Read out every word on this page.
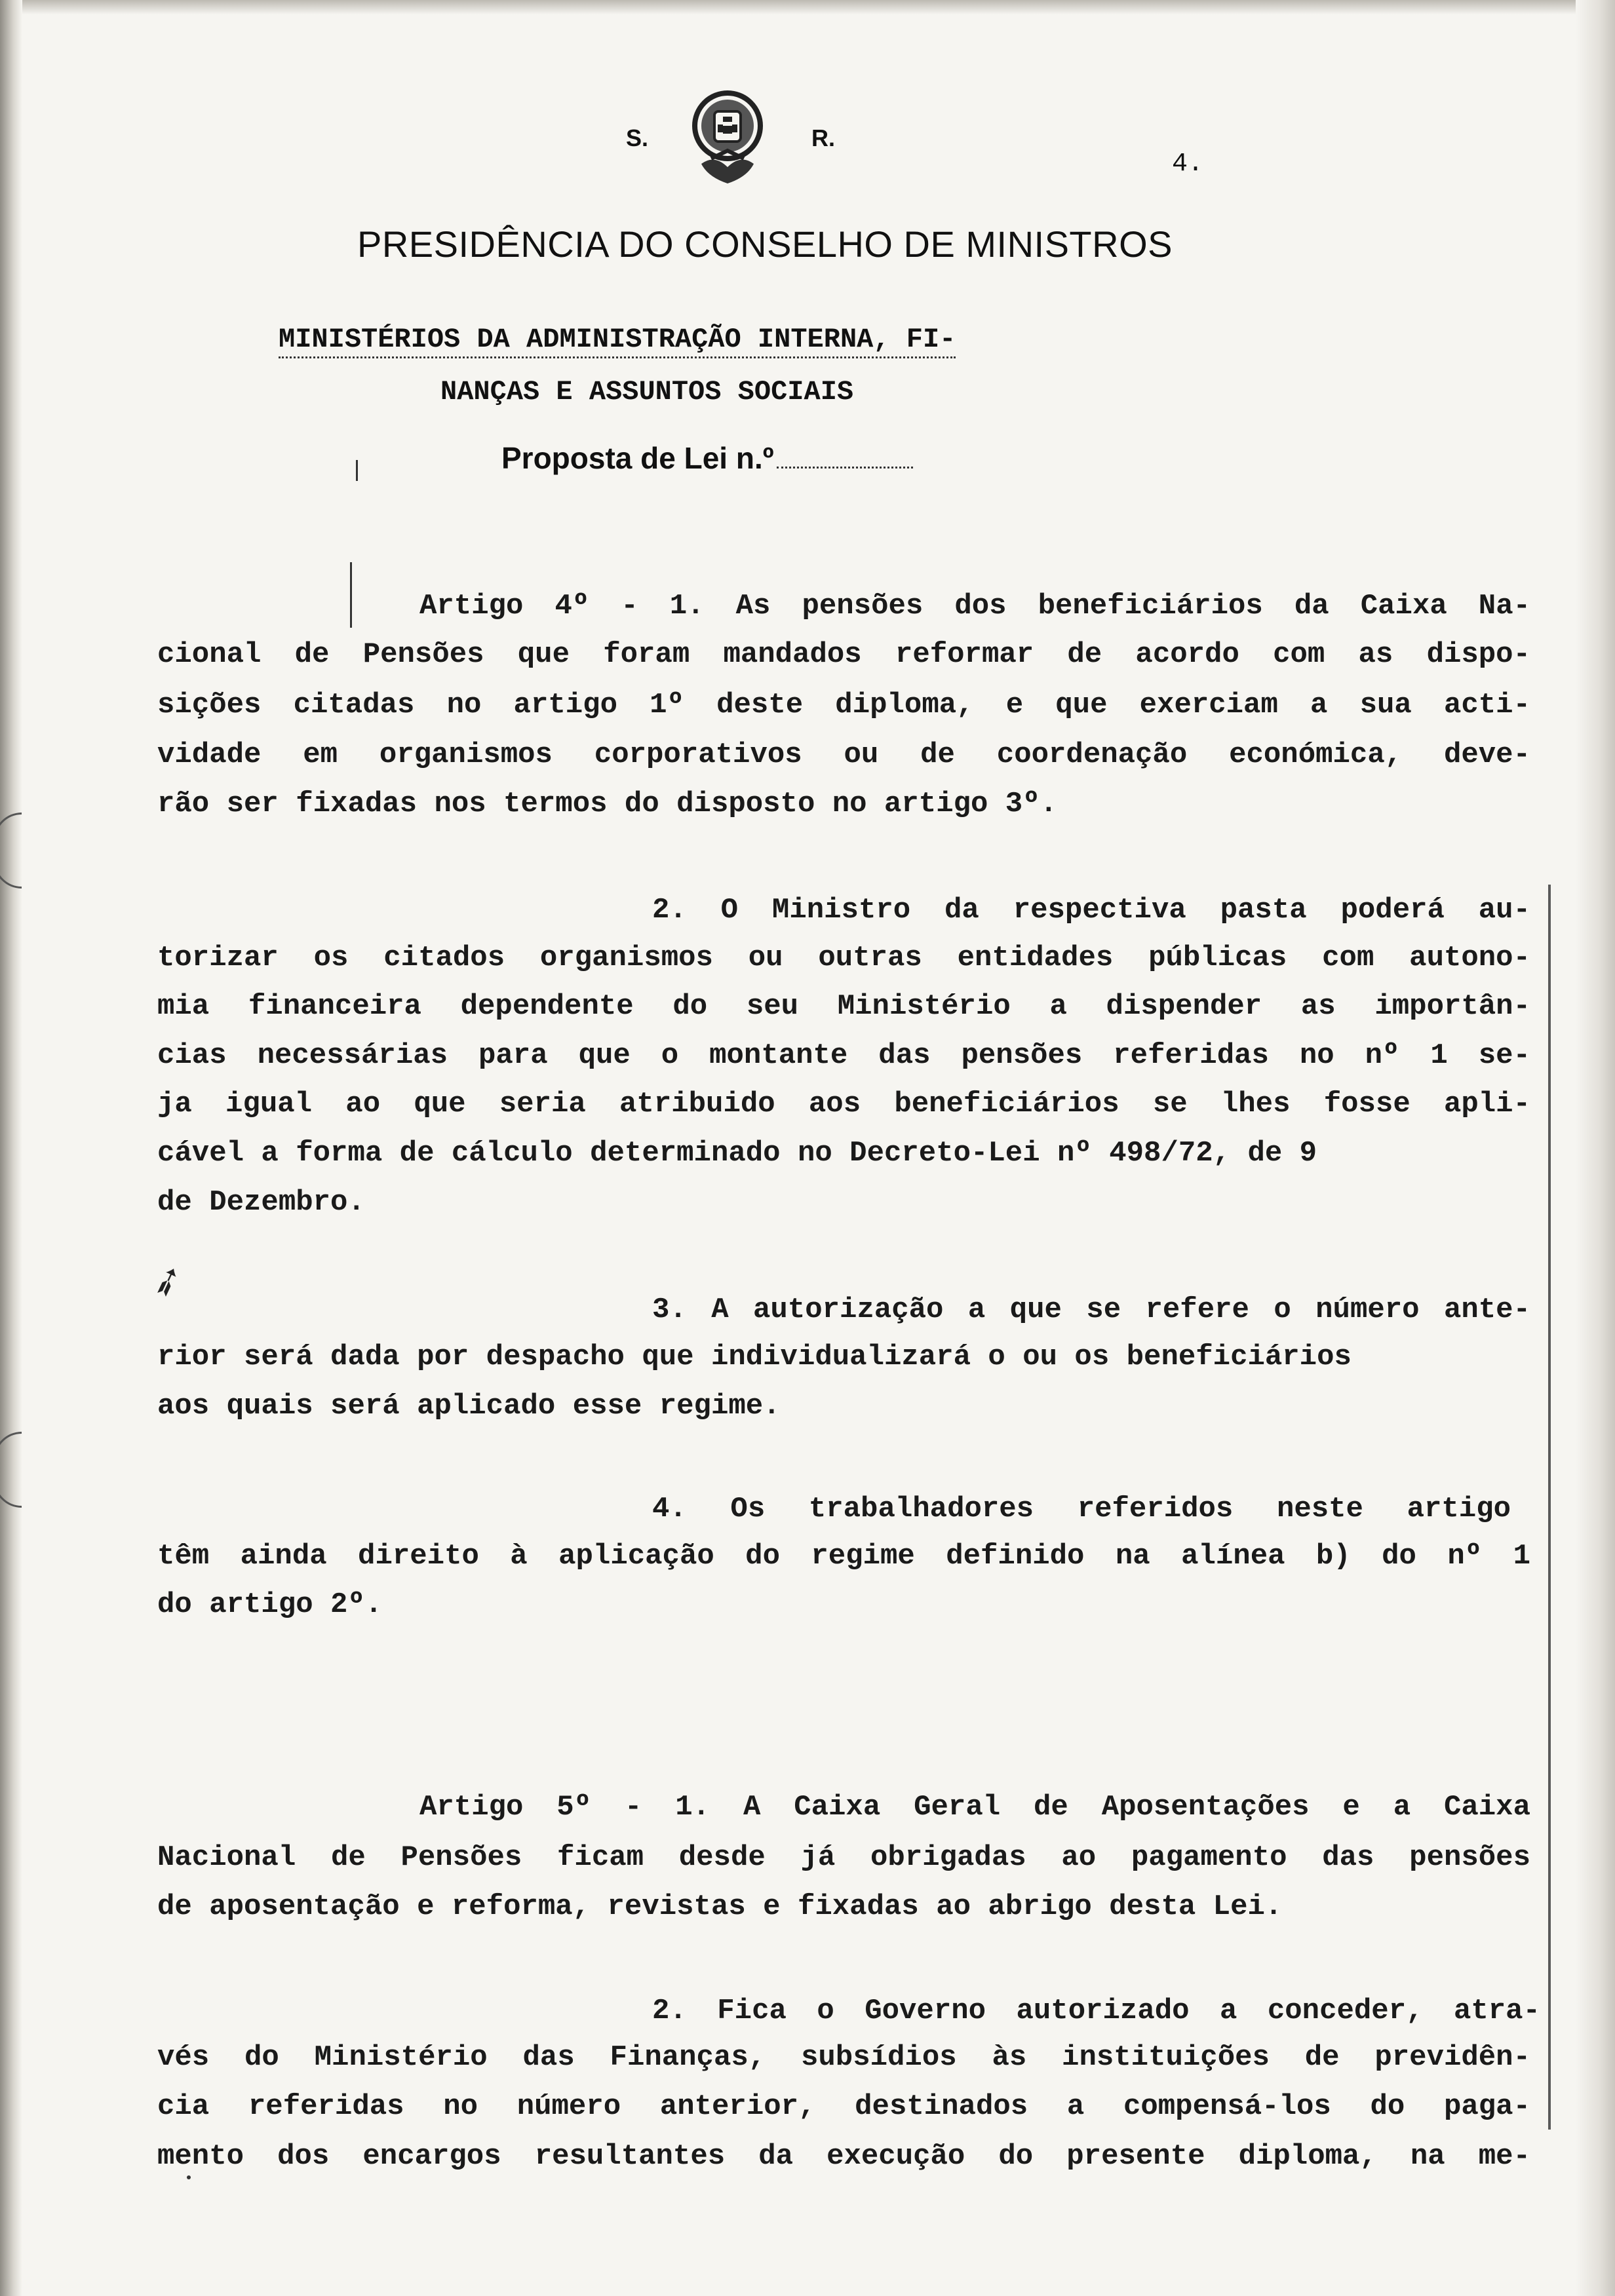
S.	R.
4.
PRESIDÊNCIA DO CONSELHO DE MINISTROS
MINISTÉRIOS DA ADMINISTRAÇÃO INTERNA, FI-
NANÇAS E ASSUNTOS SOCIAIS
Proposta de Lei n.º
➶
Artigo 4º - 1. As pensões dos beneficiários da Caixa Na-
cional de Pensões que foram mandados reformar de acordo com as dispo-
sições citadas no artigo 1º deste diploma, e que exerciam a sua acti-
vidade em organismos corporativos ou de coordenação económica, deve-
rão ser fixadas nos termos do disposto no artigo 3º.
2. O Ministro da respectiva pasta poderá au-
torizar os citados organismos ou outras entidades públicas com autono-
mia financeira dependente do seu Ministério a dispender as importân-
cias necessárias para que o montante das pensões referidas no nº 1 se-
ja igual ao que seria atribuido aos beneficiários se lhes fosse apli-
cável a forma de cálculo determinado no Decreto-Lei nº 498/72, de 9
de Dezembro.
3. A autorização a que se refere o número ante-
rior será dada por despacho que individualizará o ou os beneficiários
aos quais será aplicado esse regime.
4. Os trabalhadores referidos neste artigo
têm ainda direito à aplicação do regime definido na alínea b) do nº 1
do artigo 2º.
Artigo 5º - 1. A Caixa Geral de Aposentações e a Caixa
Nacional de Pensões ficam desde já obrigadas ao pagamento das pensões
de aposentação e reforma, revistas e fixadas ao abrigo desta Lei.
2. Fica o Governo autorizado a conceder, atra-
vés do Ministério das Finanças, subsídios às instituições de previdên-
cia referidas no número anterior, destinados a compensá-los do paga-
mento dos encargos resultantes da execução do presente diploma, na me-
